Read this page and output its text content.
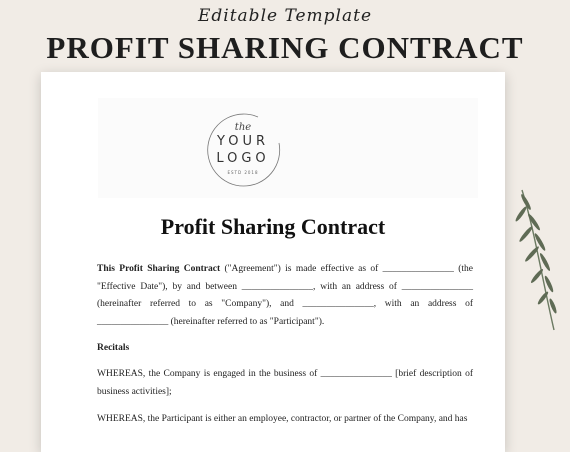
Editable Template
PROFIT SHARING CONTRACT
the
YOUR
LOGO
ESTD 2018
Profit Sharing Contract
This Profit Sharing Contract ("Agreement") is made effective as of _______________ (the "Effective Date"), by and between _______________, with an address of _______________ (hereinafter referred to as "Company"), and _______________, with an address of _______________ (hereinafter referred to as "Participant").
Recitals
WHEREAS, the Company is engaged in the business of _______________ [brief description of business activities];
WHEREAS, the Participant is either an employee, contractor, or partner of the Company, and has
